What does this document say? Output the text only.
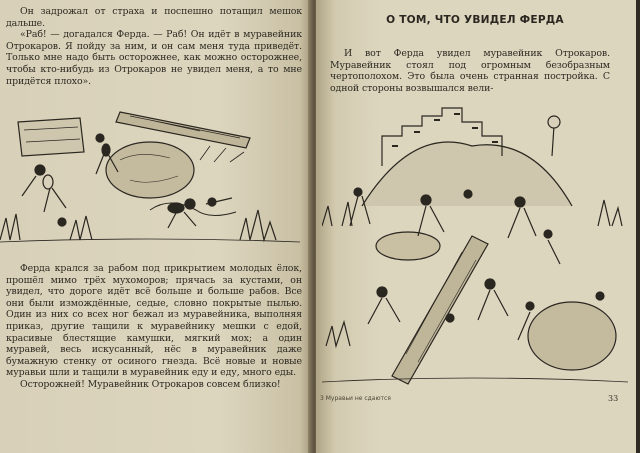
Он задрожал от страха и поспешно потащил мешок дальше.

«Раб! — догадался Ферда. — Раб! Он идёт в муравейник Отрокаров. Я пойду за ним, и он сам меня туда приведёт. Только мне надо быть осторожнее, как можно осторожнее, чтобы кто-нибудь из Отрокаров не увидел меня, а то мне придётся плохо».

Ферда крался за рабом под прикрытием молодых ёлок, прошёл мимо трёх мухоморов; прячась за кустами, он увидел, что дороге идёт всё больше и больше рабов. Все они были измождённые, седые, словно покрытые пылью. Один из них со всех ног бежал из муравейника, выполняя приказ, другие тащили к муравейнику мешки с едой, красивые блестящие камушки, мягкий мох; а один муравей, весь искусанный, нёс в муравейник даже бумажную стенку от осиного гнезда. Всё новые и новые муравьи шли и тащили в муравейник еду и еду, много еды.

Осторожней! Муравейник Отрокаров совсем близко!

О ТОМ, ЧТО УВИДЕЛ ФЕРДА

И вот Ферда увидел муравейник Отрокаров. Муравейник стоял под огромным безобразным чертополохом. Это была очень странная постройка. С одной стороны возвышался вели-

3 Муравьи не сдаются	33
